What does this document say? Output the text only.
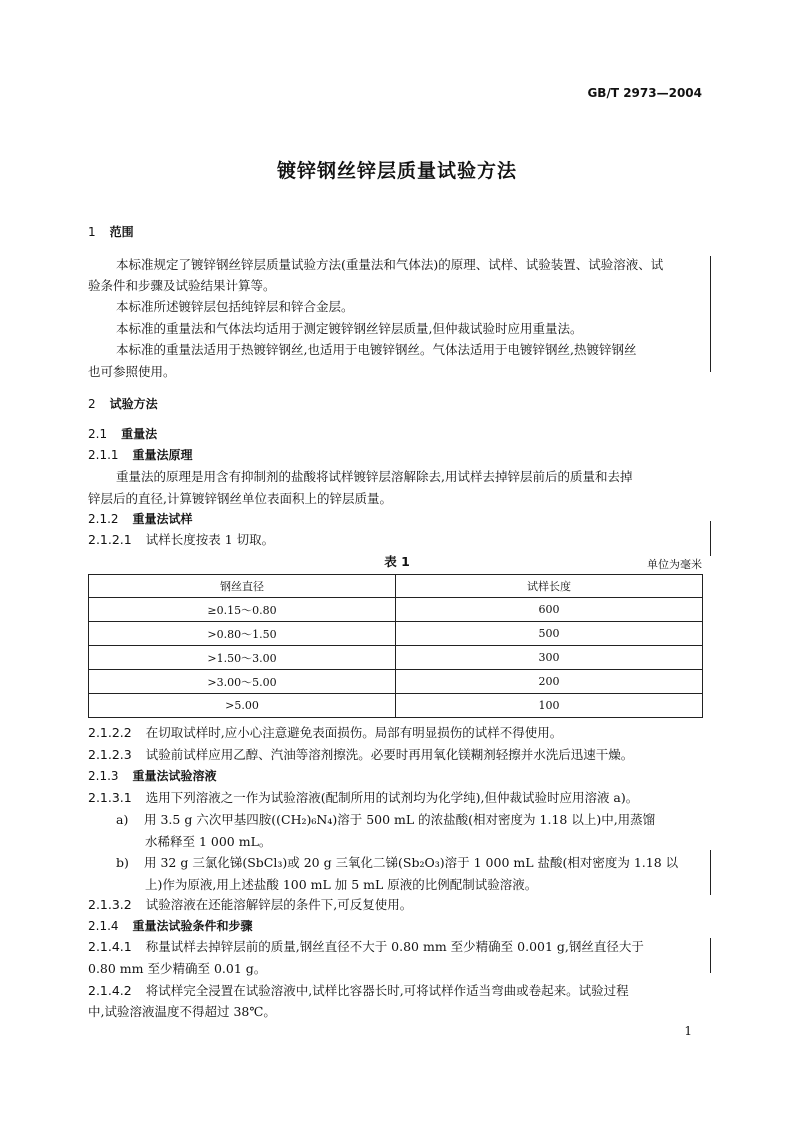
GB/T 2973—2004
镀锌钢丝锌层质量试验方法
1 范围
本标准规定了镀锌钢丝锌层质量试验方法(重量法和气体法)的原理、试样、试验装置、试验溶液、试
验条件和步骤及试验结果计算等。
本标准所述镀锌层包括纯锌层和锌合金层。
本标准的重量法和气体法均适用于测定镀锌钢丝锌层质量,但仲裁试验时应用重量法。
本标准的重量法适用于热镀锌钢丝,也适用于电镀锌钢丝。气体法适用于电镀锌钢丝,热镀锌钢丝
也可参照使用。
2 试验方法
2.1 重量法
2.1.1 重量法原理
重量法的原理是用含有抑制剂的盐酸将试样镀锌层溶解除去,用试样去掉锌层前后的质量和去掉
锌层后的直径,计算镀锌钢丝单位表面积上的锌层质量。
2.1.2 重量法试样
2.1.2.1 试样长度按表 1 切取。
表 1	单位为毫米
钢丝直径	试样长度
≥0.15～0.80	600
>0.80～1.50	500
>1.50～3.00	300
>3.00～5.00	200
>5.00	100
2.1.2.2 在切取试样时,应小心注意避免表面损伤。局部有明显损伤的试样不得使用。
2.1.2.3 试验前试样应用乙醇、汽油等溶剂擦洗。必要时再用氧化镁糊剂轻擦并水洗后迅速干燥。
2.1.3 重量法试验溶液
2.1.3.1 选用下列溶液之一作为试验溶液(配制所用的试剂均为化学纯),但仲裁试验时应用溶液 a)。
a) 用 3.5 g 六次甲基四胺((CH₂)₆N₄)溶于 500 mL 的浓盐酸(相对密度为 1.18 以上)中,用蒸馏
水稀释至 1 000 mL。
b) 用 32 g 三氯化锑(SbCl₃)或 20 g 三氧化二锑(Sb₂O₃)溶于 1 000 mL 盐酸(相对密度为 1.18 以
上)作为原液,用上述盐酸 100 mL 加 5 mL 原液的比例配制试验溶液。
2.1.3.2 试验溶液在还能溶解锌层的条件下,可反复使用。
2.1.4 重量法试验条件和步骤
2.1.4.1 称量试样去掉锌层前的质量,钢丝直径不大于 0.80 mm 至少精确至 0.001 g,钢丝直径大于
0.80 mm 至少精确至 0.01 g。
2.1.4.2 将试样完全浸置在试验溶液中,试样比容器长时,可将试样作适当弯曲或卷起来。试验过程
中,试验溶液温度不得超过 38℃。
1
